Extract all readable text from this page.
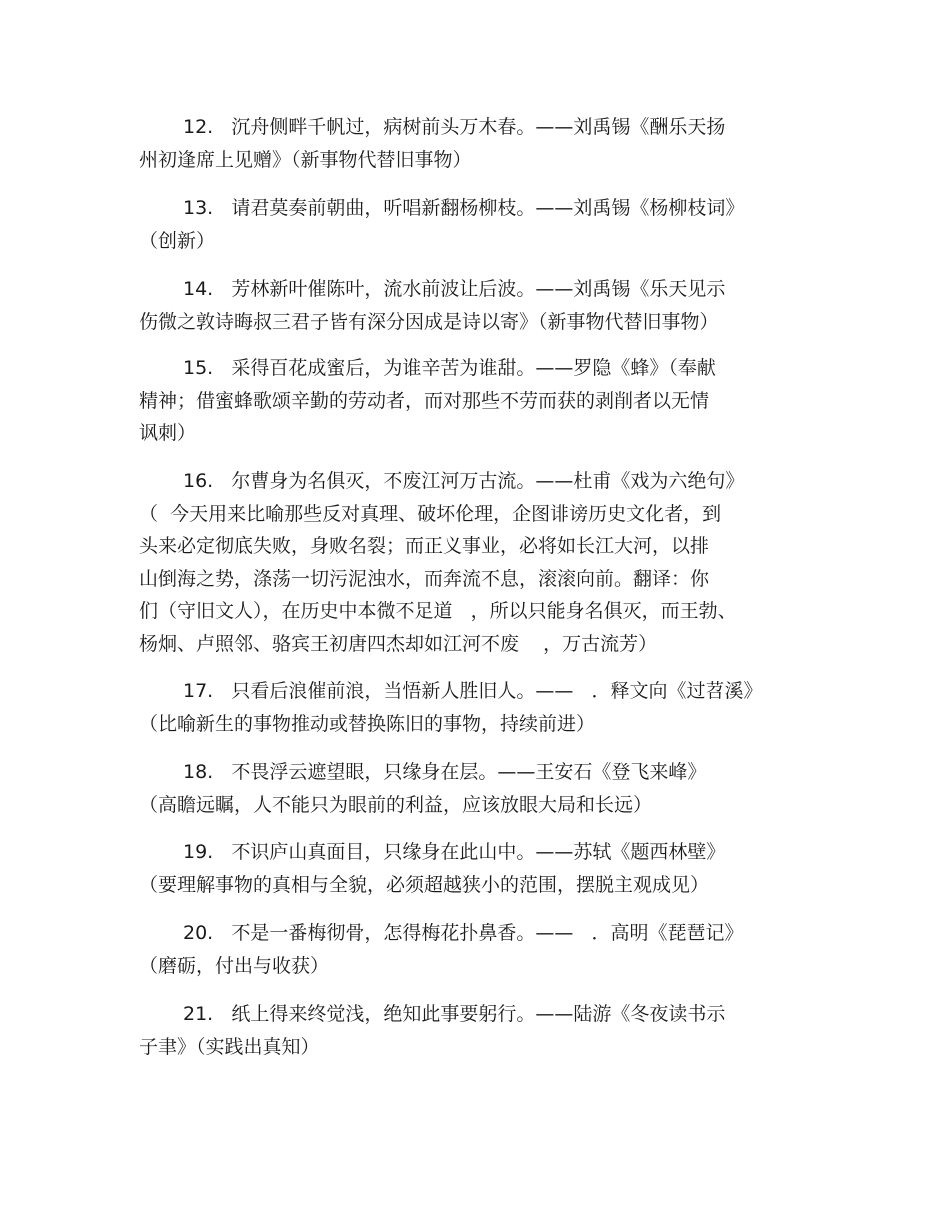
12.   沉舟侧畔千帆过，病树前头万木春。——刘禹锡《酬乐天扬
州初逢席上见赠》（新事物代替旧事物）
13.   请君莫奏前朝曲，听唱新翻杨柳枝。——刘禹锡《杨柳枝词》
（创新）
14.   芳林新叶催陈叶，流水前波让后波。——刘禹锡《乐天见示
伤微之敦诗晦叔三君子皆有深分因成是诗以寄》（新事物代替旧事物）
15.   采得百花成蜜后，为谁辛苦为谁甜。——罗隐《蜂》（奉献
精神；借蜜蜂歌颂辛勤的劳动者，而对那些不劳而获的剥削者以无情
讽刺）
16.   尔曹身为名俱灭，不废江河万古流。——杜甫《戏为六绝句》
（  今天用来比喻那些反对真理、破坏伦理，企图诽谤历史文化者，到
头来必定彻底失败，身败名裂；而正义事业，必将如长江大河，以排
山倒海之势，涤荡一切污泥浊水，而奔流不息，滚滚向前。翻译：你
们（守旧文人），在历史中本微不足道   ，所以只能身名俱灭，而王勃、
杨炯、卢照邻、骆宾王初唐四杰却如江河不废    ，万古流芳）
17.   只看后浪催前浪，当悟新人胜旧人。——   ．释文向《过苕溪》
（比喻新生的事物推动或替换陈旧的事物，持续前进）
18.   不畏浮云遮望眼，只缘身在层。——王安石《登飞来峰》
（高瞻远瞩，人不能只为眼前的利益，应该放眼大局和长远）
19.   不识庐山真面目，只缘身在此山中。——苏轼《题西林壁》
（要理解事物的真相与全貌，必须超越狭小的范围，摆脱主观成见）
20.   不是一番梅彻骨，怎得梅花扑鼻香。——   ．高明《琵琶记》
（磨砺，付出与收获）
21.   纸上得来终觉浅，绝知此事要躬行。——陆游《冬夜读书示
子聿》（实践出真知）
